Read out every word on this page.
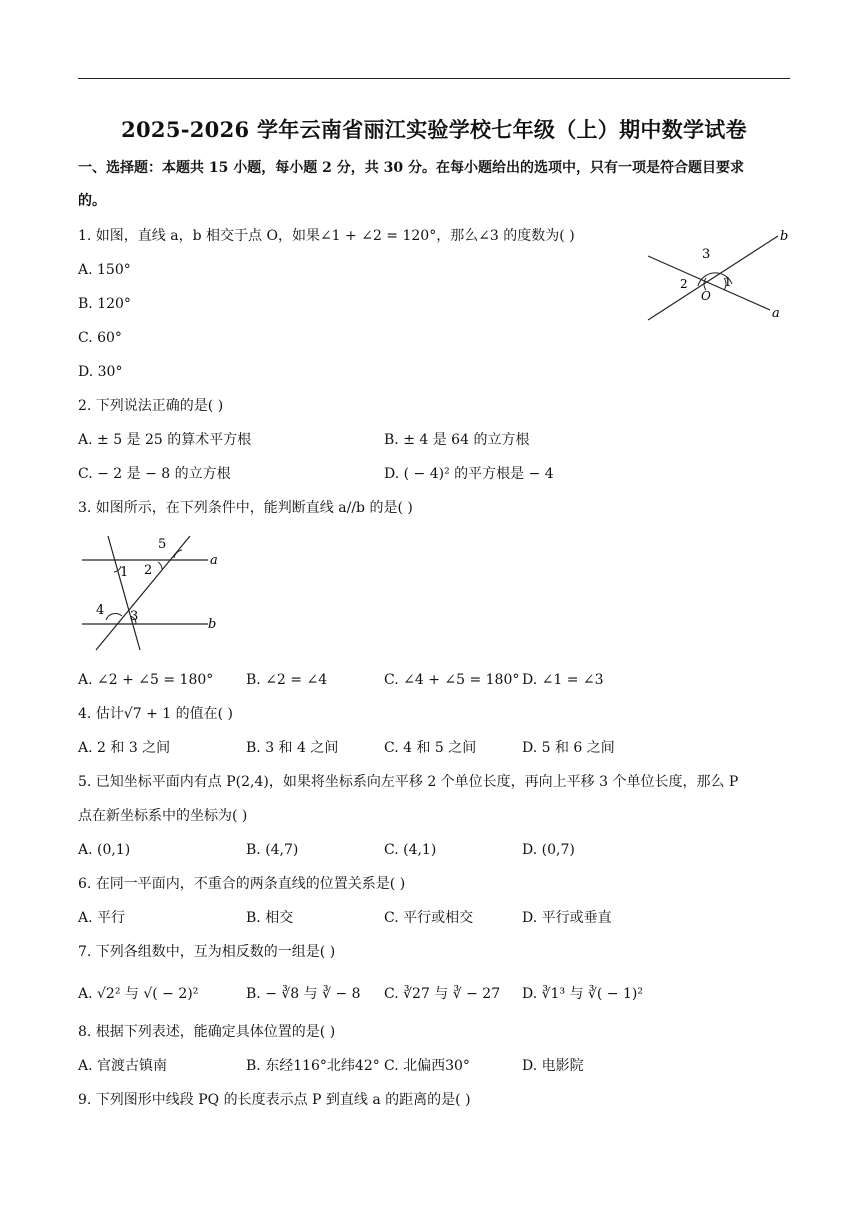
2025-2026 学年云南省丽江实验学校七年级（上）期中数学试卷
一、选择题：本题共 15 小题，每小题 2 分，共 30 分。在每小题给出的选项中，只有一项是符合题目要求
的。
1. 如图，直线 a，b 相交于点 O，如果∠1 + ∠2 = 120°，那么∠3 的度数为( )
A. 150°
B. 120°
C. 60°
D. 30°
b
a
O
1
2
3
2. 下列说法正确的是( )
A. ± 5 是 25 的算术平方根	B. ± 4 是 64 的立方根
C. − 2 是 − 8 的立方根	D. ( − 4)² 的平方根是 − 4
3. 如图所示，在下列条件中，能判断直线 a//b 的是( )
1 2
5
4 3
a
b
A. ∠2 + ∠5 = 180° B. ∠2 = ∠4	C. ∠4 + ∠5 = 180° D. ∠1 = ∠3
4. 估计√7 + 1 的值在( )
A. 2 和 3 之间	B. 3 和 4 之间	C. 4 和 5 之间	D. 5 和 6 之间
5. 已知坐标平面内有点 P(2,4)，如果将坐标系向左平移 2 个单位长度，再向上平移 3 个单位长度，那么 P
点在新坐标系中的坐标为( )
A. (0,1)	B. (4,7)	C. (4,1)	D. (0,7)
6. 在同一平面内，不重合的两条直线的位置关系是( )
A. 平行	B. 相交	C. 平行或相交	D. 平行或垂直
7. 下列各组数中，互为相反数的一组是( )
A. √2² 与 √( − 2)²	B. − ∛8 与 ∛ − 8 C. ∛27 与 ∛ − 27 D. ∛1³ 与 ∛( − 1)²
8. 根据下列表述，能确定具体位置的是( )
A. 官渡古镇南	B. 东经116°北纬42° C. 北偏西30°	D. 电影院
9. 下列图形中线段 PQ 的长度表示点 P 到直线 a 的距离的是( )
